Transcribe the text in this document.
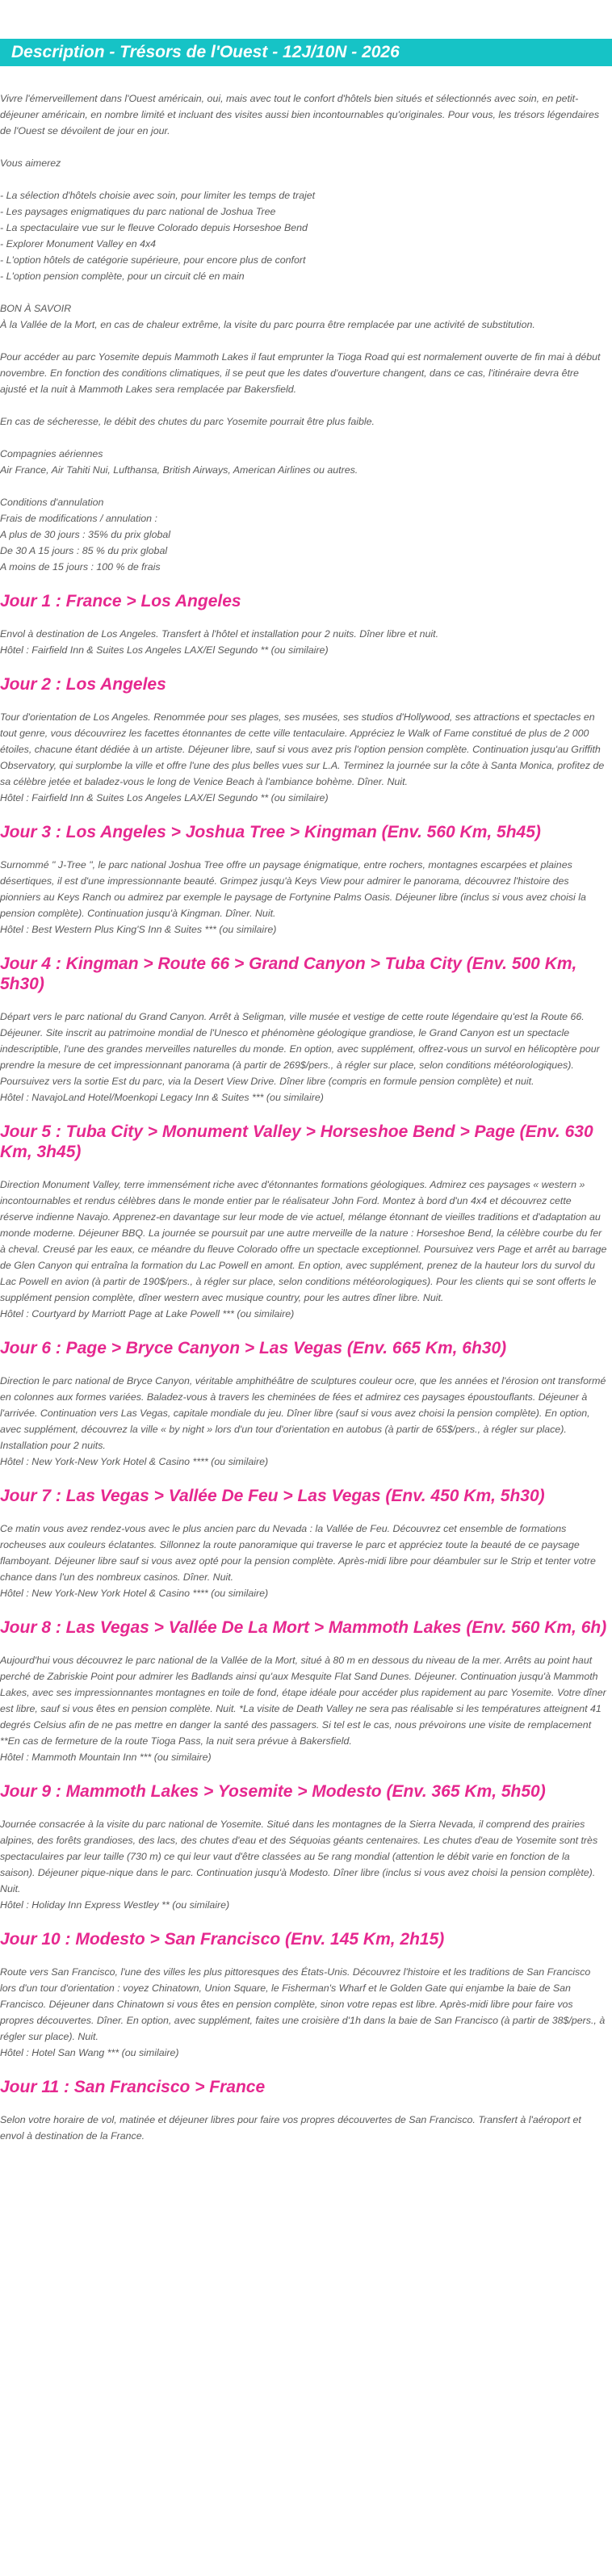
Description - Trésors de l'Ouest - 12J/10N - 2026

Vivre l'émerveillement dans l'Ouest américain, oui, mais avec tout le confort d'hôtels bien situés et sélectionnés avec soin, en petit-déjeuner américain, en nombre limité et incluant des visites aussi bien incontournables qu'originales. Pour vous, les trésors légendaires de l'Ouest se dévoilent de jour en jour.

Vous aimerez
- La sélection d'hôtels choisie avec soin, pour limiter les temps de trajet
- Les paysages enigmatiques du parc national de Joshua Tree
- La spectaculaire vue sur le fleuve Colorado depuis Horseshoe Bend
- Explorer Monument Valley en 4x4
- L'option hôtels de catégorie supérieure, pour encore plus de confort
- L'option pension complète, pour un circuit clé en main
BON À SAVOIR
À la Vallée de la Mort, en cas de chaleur extrême, la visite du parc pourra être remplacée par une activité de substitution.

Pour accéder au parc Yosemite depuis Mammoth Lakes il faut emprunter la Tioga Road qui est normalement ouverte de fin mai à début novembre. En fonction des conditions climatiques, il se peut que les dates d'ouverture changent, dans ce cas, l'itinéraire devra être ajusté et la nuit à Mammoth Lakes sera remplacée par Bakersfield.

En cas de sécheresse, le débit des chutes du parc Yosemite pourrait être plus faible.

Compagnies aériennes
Air France, Air Tahiti Nui, Lufthansa, British Airways, American Airlines ou autres.
Conditions d'annulation
Frais de modifications / annulation :
A plus de 30 jours : 35% du prix global
De 30 A 15 jours : 85 % du prix global
A moins de 15 jours : 100 % de frais
Jour 1 : France > Los Angeles

Envol à destination de Los Angeles. Transfert à l'hôtel et installation pour 2 nuits. Dîner libre et nuit.

Hôtel : Fairfield Inn & Suites Los Angeles LAX/El Segundo ** (ou similaire)
Jour 2 : Los Angeles

Tour d'orientation de Los Angeles. Renommée pour ses plages, ses musées, ses studios d'Hollywood, ses attractions et spectacles en tout genre, vous découvrirez les facettes étonnantes de cette ville tentaculaire. Appréciez le Walk of Fame constitué de plus de 2 000 étoiles, chacune étant dédiée à un artiste. Déjeuner libre, sauf si vous avez pris l'option pension complète. Continuation jusqu'au Griffith Observatory, qui surplombe la ville et offre l'une des plus belles vues sur L.A. Terminez la journée sur la côte à Santa Monica, profitez de sa célèbre jetée et baladez-vous le long de Venice Beach à l'ambiance bohème. Dîner. Nuit.

Hôtel : Fairfield Inn & Suites Los Angeles LAX/El Segundo ** (ou similaire)
Jour 3 : Los Angeles > Joshua Tree > Kingman (Env. 560 Km, 5h45)

Surnommé " J-Tree ", le parc national Joshua Tree offre un paysage énigmatique, entre rochers, montagnes escarpées et plaines désertiques, il est d'une impressionnante beauté. Grimpez jusqu'à Keys View pour admirer le panorama, découvrez l'histoire des pionniers au Keys Ranch ou admirez par exemple le paysage de Fortynine Palms Oasis. Déjeuner libre (inclus si vous avez choisi la pension complète). Continuation jusqu'à Kingman. Dîner. Nuit.

Hôtel : Best Western Plus King'S Inn & Suites *** (ou similaire)
Jour 4 : Kingman > Route 66 > Grand Canyon > Tuba City (Env. 500 Km, 5h30)

Départ vers le parc national du Grand Canyon. Arrêt à Seligman, ville musée et vestige de cette route légendaire qu'est la Route 66. Déjeuner. Site inscrit au patrimoine mondial de l'Unesco et phénomène géologique grandiose, le Grand Canyon est un spectacle indescriptible, l'une des grandes merveilles naturelles du monde. En option, avec supplément, offrez-vous un survol en hélicoptère pour prendre la mesure de cet impressionnant panorama (à partir de 269$/pers., à régler sur place, selon conditions météorologiques). Poursuivez vers la sortie Est du parc, via la Desert View Drive. Dîner libre (compris en formule pension complète) et nuit.

Hôtel : NavajoLand Hotel/Moenkopi Legacy Inn & Suites *** (ou similaire)
Jour 5 : Tuba City > Monument Valley > Horseshoe Bend > Page (Env. 630 Km, 3h45)

Direction Monument Valley, terre immensément riche avec d'étonnantes formations géologiques. Admirez ces paysages « western » incontournables et rendus célèbres dans le monde entier par le réalisateur John Ford. Montez à bord d'un 4x4 et découvrez cette réserve indienne Navajo. Apprenez-en davantage sur leur mode de vie actuel, mélange étonnant de vieilles traditions et d'adaptation au monde moderne. Déjeuner BBQ. La journée se poursuit par une autre merveille de la nature : Horseshoe Bend, la célèbre courbe du fer à cheval. Creusé par les eaux, ce méandre du fleuve Colorado offre un spectacle exceptionnel. Poursuivez vers Page et arrêt au barrage de Glen Canyon qui entraîna la formation du Lac Powell en amont. En option, avec supplément, prenez de la hauteur lors du survol du Lac Powell en avion (à partir de 190$/pers., à régler sur place, selon conditions météorologiques). Pour les clients qui se sont offerts le supplément pension complète, dîner western avec musique country, pour les autres dîner libre. Nuit.

Hôtel : Courtyard by Marriott Page at Lake Powell *** (ou similaire)
Jour 6 : Page > Bryce Canyon > Las Vegas (Env. 665 Km, 6h30)

Direction le parc national de Bryce Canyon, véritable amphithéâtre de sculptures couleur ocre, que les années et l'érosion ont transformé en colonnes aux formes variées. Baladez-vous à travers les cheminées de fées et admirez ces paysages époustouflants. Déjeuner à l'arrivée. Continuation vers Las Vegas, capitale mondiale du jeu. Dîner libre (sauf si vous avez choisi la pension complète). En option, avec supplément, découvrez la ville « by night » lors d'un tour d'orientation en autobus (à partir de 65$/pers., à régler sur place). Installation pour 2 nuits.

Hôtel : New York-New York Hotel & Casino **** (ou similaire)
Jour 7 : Las Vegas > Vallée De Feu > Las Vegas (Env. 450 Km, 5h30)

Ce matin vous avez rendez-vous avec le plus ancien parc du Nevada : la Vallée de Feu. Découvrez cet ensemble de formations rocheuses aux couleurs éclatantes. Sillonnez la route panoramique qui traverse le parc et appréciez toute la beauté de ce paysage flamboyant. Déjeuner libre sauf si vous avez opté pour la pension complète. Après-midi libre pour déambuler sur le Strip et tenter votre chance dans l'un des nombreux casinos. Dîner. Nuit.

Hôtel : New York-New York Hotel & Casino **** (ou similaire)
Jour 8 : Las Vegas > Vallée De La Mort > Mammoth Lakes (Env. 560 Km, 6h)

Aujourd'hui vous découvrez le parc national de la Vallée de la Mort, situé à 80 m en dessous du niveau de la mer. Arrêts au point haut perché de Zabriskie Point pour admirer les Badlands ainsi qu'aux Mesquite Flat Sand Dunes. Déjeuner. Continuation jusqu'à Mammoth Lakes, avec ses impressionnantes montagnes en toile de fond, étape idéale pour accéder plus rapidement au parc Yosemite. Votre dîner est libre, sauf si vous êtes en pension complète. Nuit. *La visite de Death Valley ne sera pas réalisable si les températures atteignent 41 degrés Celsius afin de ne pas mettre en danger la santé des passagers. Si tel est le cas, nous prévoirons une visite de remplacement **En cas de fermeture de la route Tioga Pass, la nuit sera prévue à Bakersfield.

Hôtel : Mammoth Mountain Inn *** (ou similaire)
Jour 9 : Mammoth Lakes > Yosemite > Modesto (Env. 365 Km, 5h50)

Journée consacrée à la visite du parc national de Yosemite. Situé dans les montagnes de la Sierra Nevada, il comprend des prairies alpines, des forêts grandioses, des lacs, des chutes d'eau et des Séquoias géants centenaires. Les chutes d'eau de Yosemite sont très spectaculaires par leur taille (730 m) ce qui leur vaut d'être classées au 5e rang mondial (attention le débit varie en fonction de la saison). Déjeuner pique-nique dans le parc. Continuation jusqu'à Modesto. Dîner libre (inclus si vous avez choisi la pension complète). Nuit.

Hôtel : Holiday Inn Express Westley ** (ou similaire)
Jour 10 : Modesto > San Francisco (Env. 145 Km, 2h15)

Route vers San Francisco, l'une des villes les plus pittoresques des États-Unis. Découvrez l'histoire et les traditions de San Francisco lors d'un tour d'orientation : voyez Chinatown, Union Square, le Fisherman's Wharf et le Golden Gate qui enjambe la baie de San Francisco. Déjeuner dans Chinatown si vous êtes en pension complète, sinon votre repas est libre. Après-midi libre pour faire vos propres découvertes. Dîner. En option, avec supplément, faites une croisière d'1h dans la baie de San Francisco (à partir de 38$/pers., à régler sur place). Nuit.

Hôtel : Hotel San Wang *** (ou similaire)
Jour 11 : San Francisco > France

Selon votre horaire de vol, matinée et déjeuner libres pour faire vos propres découvertes de San Francisco. Transfert à l'aéroport et envol à destination de la France.
